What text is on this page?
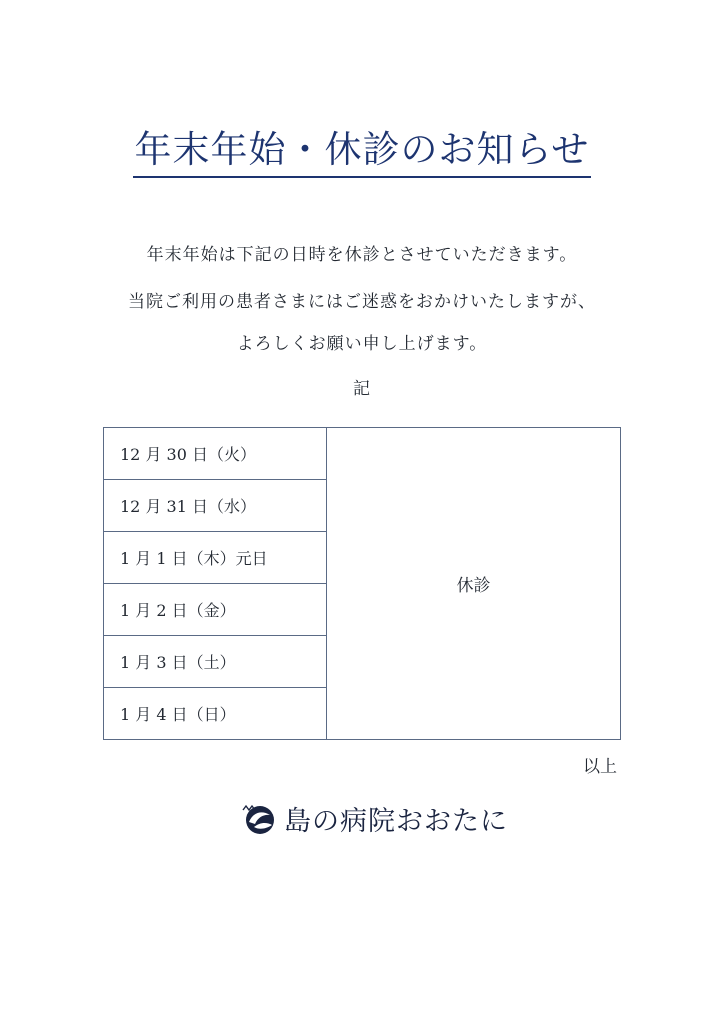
年末年始・休診のお知らせ
年末年始は下記の日時を休診とさせていただきます。
当院ご利用の患者さまにはご迷惑をおかけいたしますが、
よろしくお願い申し上げます。
記
12 月 30 日（火）	休診
12 月 31 日（水）
1 月 1 日（木）元日
1 月 2 日（金）
1 月 3 日（土）
1 月 4 日（日）
以上
島の病院おおたに
